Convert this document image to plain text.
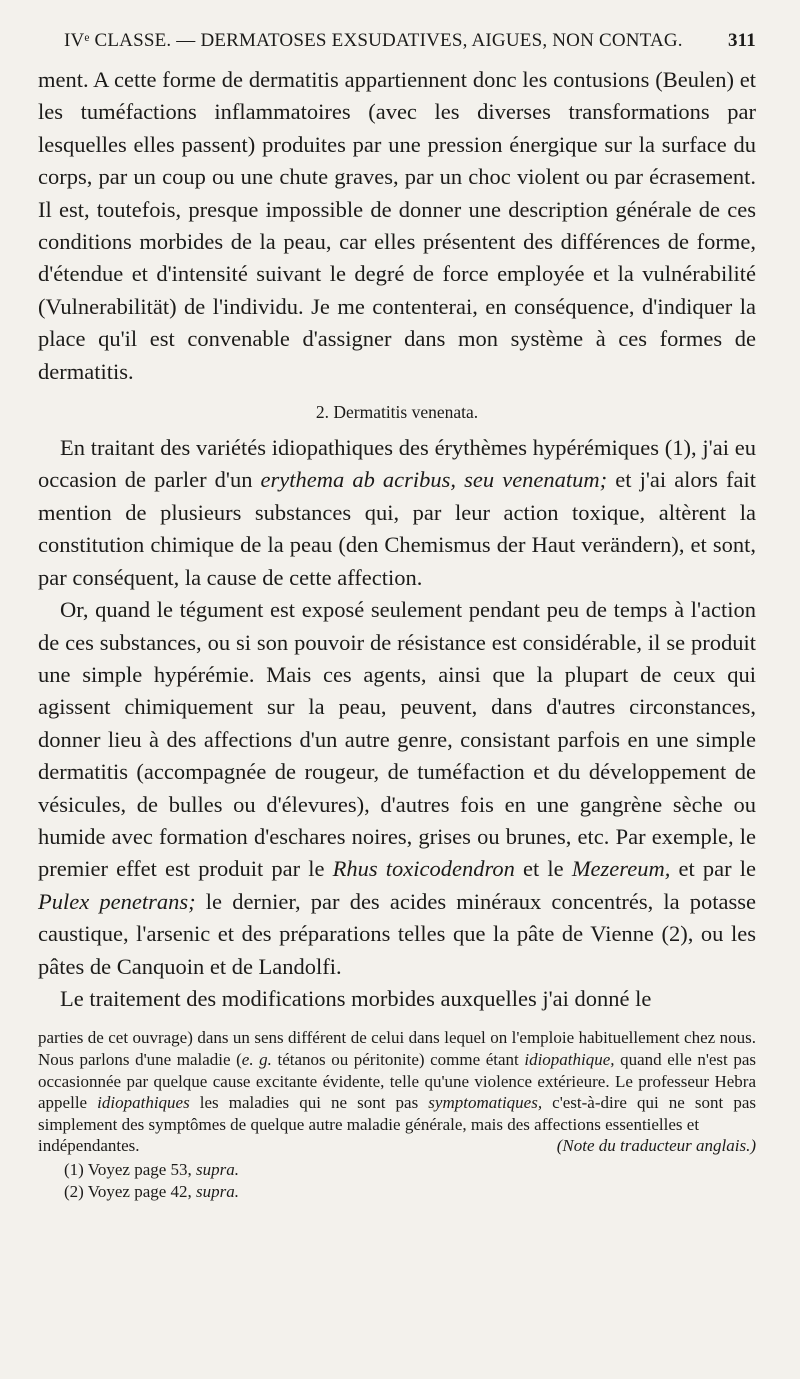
IVᵉ CLASSE. — DERMATOSES EXSUDATIVES, AIGUES, NON CONTAG. 311

ment. A cette forme de dermatitis appartiennent donc les contusions (Beulen) et les tuméfactions inflammatoires (avec les diverses transformations par lesquelles elles passent) produites par une pression énergique sur la surface du corps, par un coup ou une chute graves, par un choc violent ou par écrasement. Il est, toutefois, presque impossible de donner une description générale de ces conditions morbides de la peau, car elles présentent des différences de forme, d'étendue et d'intensité suivant le degré de force employée et la vulnérabilité (Vulnerabilität) de l'individu. Je me contenterai, en conséquence, d'indiquer la place qu'il est convenable d'assigner dans mon système à ces formes de dermatitis.

2. Dermatitis venenata.

En traitant des variétés idiopathiques des érythèmes hypérémiques (1), j'ai eu occasion de parler d'un erythema ab acribus, seu venenatum; et j'ai alors fait mention de plusieurs substances qui, par leur action toxique, altèrent la constitution chimique de la peau (den Chemismus der Haut verändern), et sont, par conséquent, la cause de cette affection.

Or, quand le tégument est exposé seulement pendant peu de temps à l'action de ces substances, ou si son pouvoir de résistance est considérable, il se produit une simple hypérémie. Mais ces agents, ainsi que la plupart de ceux qui agissent chimiquement sur la peau, peuvent, dans d'autres circonstances, donner lieu à des affections d'un autre genre, consistant parfois en une simple dermatitis (accompagnée de rougeur, de tuméfaction et du développement de vésicules, de bulles ou d'élevures), d'autres fois en une gangrène sèche ou humide avec formation d'eschares noires, grises ou brunes, etc. Par exemple, le premier effet est produit par le Rhus toxicodendron et le Mezereum, et par le Pulex penetrans; le dernier, par des acides minéraux concentrés, la potasse caustique, l'arsenic et des préparations telles que la pâte de Vienne (2), ou les pâtes de Canquoin et de Landolfi.

Le traitement des modifications morbides auxquelles j'ai donné le

parties de cet ouvrage) dans un sens différent de celui dans lequel on l'emploie habituellement chez nous. Nous parlons d'une maladie (e. g. tétanos ou péritonite) comme étant idiopathique, quand elle n'est pas occasionnée par quelque cause excitante évidente, telle qu'une violence extérieure. Le professeur Hebra appelle idiopathiques les maladies qui ne sont pas symptomatiques, c'est-à-dire qui ne sont pas simplement des symptômes de quelque autre maladie générale, mais des affections essentielles et

indépendantes.	(Note du traducteur anglais.)
(1) Voyez page 53, supra.
(2) Voyez page 42, supra.
